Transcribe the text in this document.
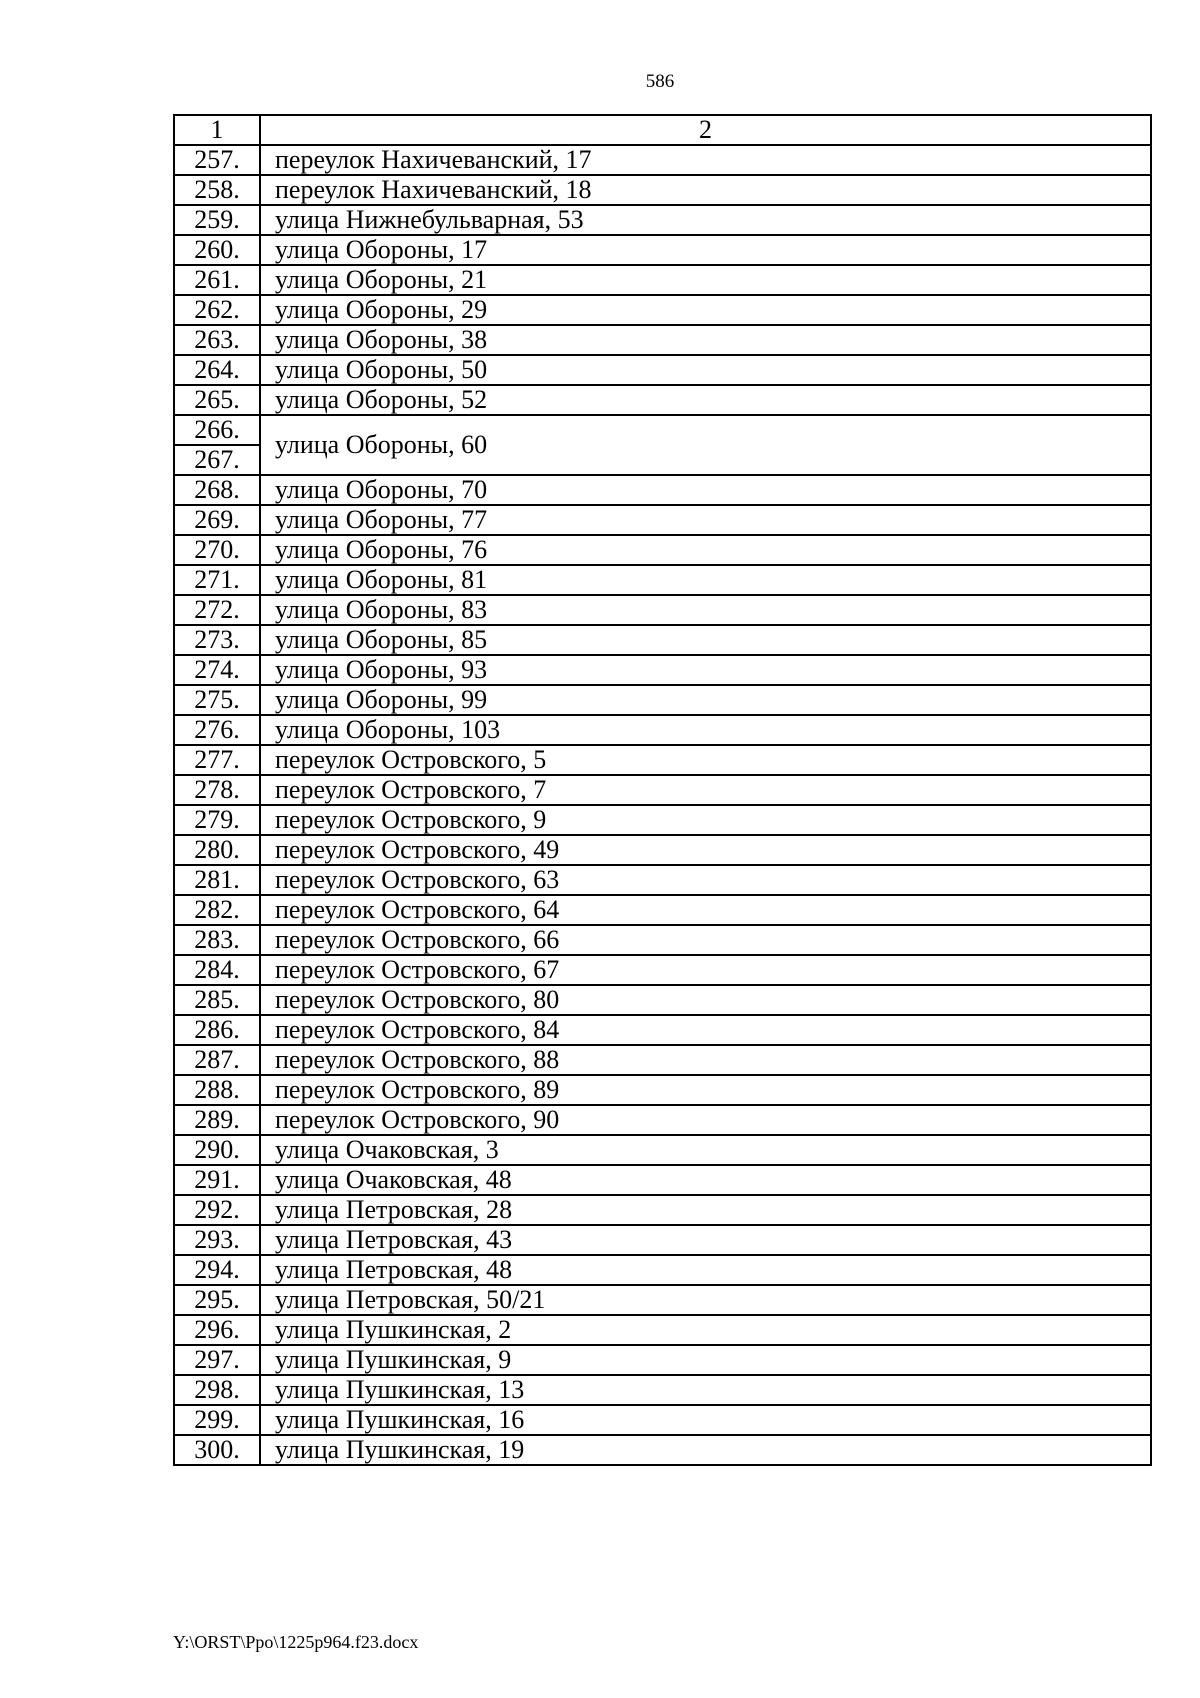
586
1	2
257.	переулок Нахичеванский, 17
258.	переулок Нахичеванский, 18
259.	улица Нижнебульварная, 53
260.	улица Обороны, 17
261.	улица Обороны, 21
262.	улица Обороны, 29
263.	улица Обороны, 38
264.	улица Обороны, 50
265.	улица Обороны, 52
266.	улица Обороны, 60
267.	
268.	улица Обороны, 70
269.	улица Обороны, 77
270.	улица Обороны, 76
271.	улица Обороны, 81
272.	улица Обороны, 83
273.	улица Обороны, 85
274.	улица Обороны, 93
275.	улица Обороны, 99
276.	улица Обороны, 103
277.	переулок Островского, 5
278.	переулок Островского, 7
279.	переулок Островского, 9
280.	переулок Островского, 49
281.	переулок Островского, 63
282.	переулок Островского, 64
283.	переулок Островского, 66
284.	переулок Островского, 67
285.	переулок Островского, 80
286.	переулок Островского, 84
287.	переулок Островского, 88
288.	переулок Островского, 89
289.	переулок Островского, 90
290.	улица Очаковская, 3
291.	улица Очаковская, 48
292.	улица Петровская, 28
293.	улица Петровская, 43
294.	улица Петровская, 48
295.	улица Петровская, 50/21
296.	улица Пушкинская, 2
297.	улица Пушкинская, 9
298.	улица Пушкинская, 13
299.	улица Пушкинская, 16
300.	улица Пушкинская, 19
Y:\ORST\Ppo\1225p964.f23.docx
